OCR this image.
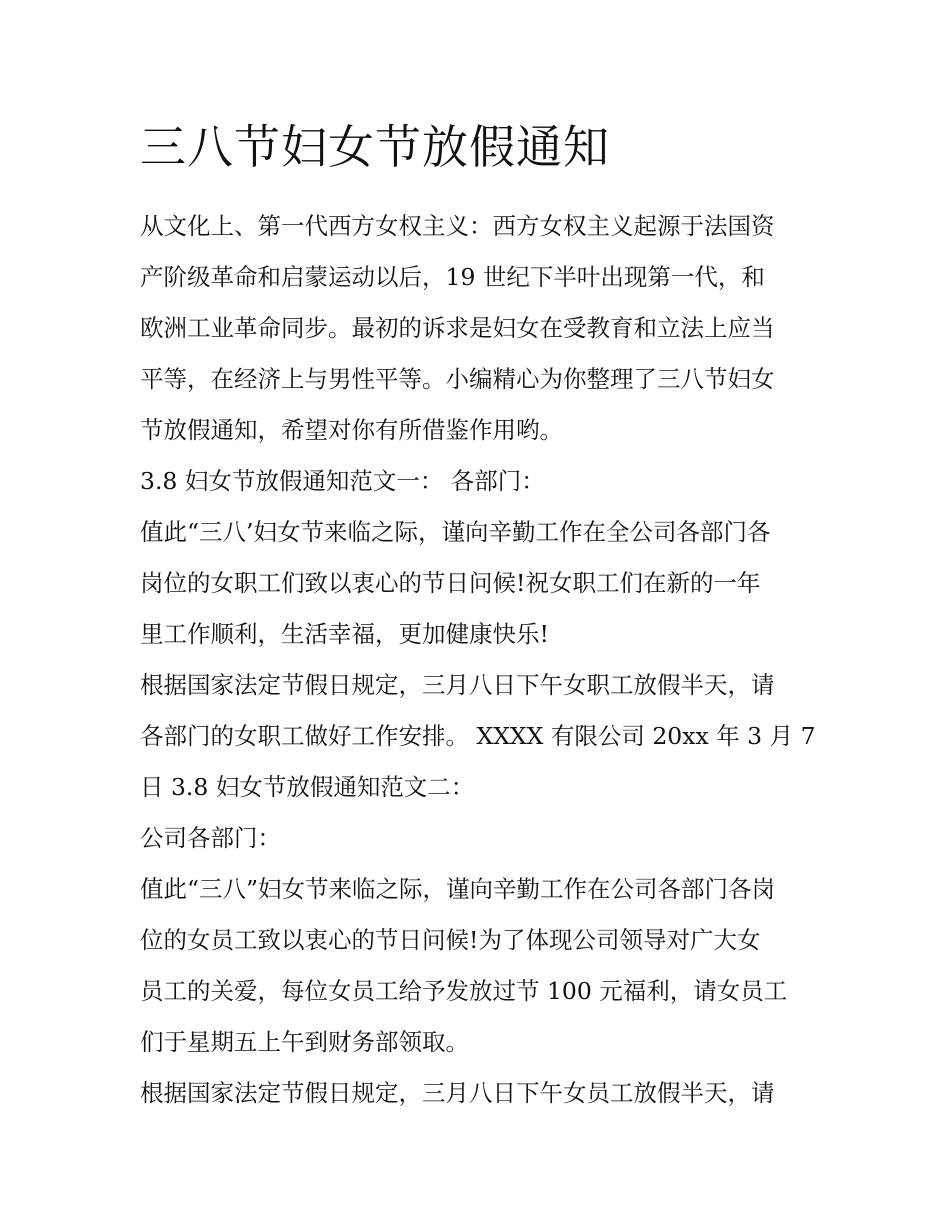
三八节妇女节放假通知

从文化上、第一代西方女权主义：西方女权主义起源于法国资

产阶级革命和启蒙运动以后，19 世纪下半叶出现第一代，和

欧洲工业革命同步。最初的诉求是妇女在受教育和立法上应当

平等，在经济上与男性平等。小编精心为你整理了三八节妇女

节放假通知，希望对你有所借鉴作用哟。

3.8 妇女节放假通知范文一： 各部门：

值此“三八’妇女节来临之际，谨向辛勤工作在全公司各部门各

岗位的女职工们致以衷心的节日问候!祝女职工们在新的一年

里工作顺利，生活幸福，更加健康快乐!

根据国家法定节假日规定，三月八日下午女职工放假半天，请

各部门的女职工做好工作安排。 XXXX 有限公司 20xx 年 3 月 7

日 3.8 妇女节放假通知范文二：

公司各部门：

值此“三八”妇女节来临之际，谨向辛勤工作在公司各部门各岗

位的女员工致以衷心的节日问候!为了体现公司领导对广大女

员工的关爱，每位女员工给予发放过节 100 元福利，请女员工

们于星期五上午到财务部领取。

根据国家法定节假日规定，三月八日下午女员工放假半天，请
